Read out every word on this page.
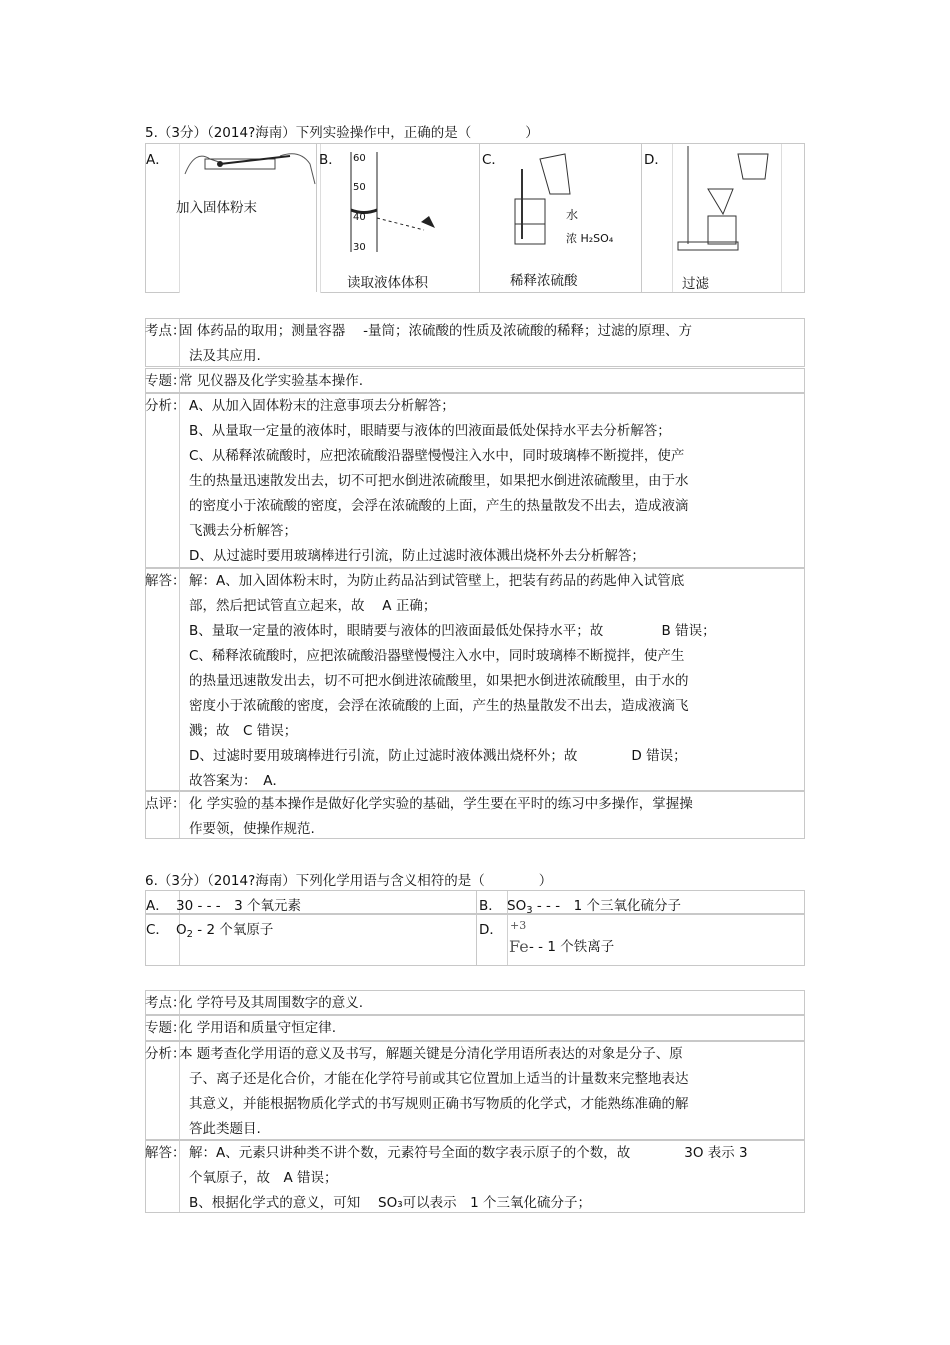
5.（3分）（2014?海南）下列实验操作中，正确的是（　　　　）
A．
加入固体粉末
B． 60
50
40
30
读取液体体积
C．
水
浓 H₂SO₄
稀释浓硫酸
D．
过滤
考点：
固 体药品的取用；测量容器　 -量筒；浓硫酸的性质及浓硫酸的稀释；过滤的原理、方
法及其应用.
专题：
常 见仪器及化学实验基本操作.
分析： A、从加入固体粉末的注意事项去分析解答；
B、从量取一定量的液体时，眼睛要与液体的凹液面最低处保持水平去分析解答；
C、从稀释浓硫酸时，应把浓硫酸沿器壁慢慢注入水中，同时玻璃棒不断搅拌，使产
生的热量迅速散发出去，切不可把水倒进浓硫酸里，如果把水倒进浓硫酸里，由于水
的密度小于浓硫酸的密度，会浮在浓硫酸的上面，产生的热量散发不出去，造成液滴
飞溅去分析解答；
D、从过滤时要用玻璃棒进行引流，防止过滤时液体溅出烧杯外去分析解答；
解答： 解：A、加入固体粉末时，为防止药品沾到试管壁上，把装有药品的药匙伸入试管底
部，然后把试管直立起来，故　 A 正确；
B、量取一定量的液体时，眼睛要与液体的凹液面最低处保持水平；故　　　　 B 错误；
C、稀释浓硫酸时，应把浓硫酸沿器壁慢慢注入水中，同时玻璃棒不断搅拌，使产生
的热量迅速散发出去，切不可把水倒进浓硫酸里，如果把水倒进浓硫酸里，由于水的
密度小于浓硫酸的密度，会浮在浓硫酸的上面，产生的热量散发不出去，造成液滴飞
溅；故　C 错误；
D、过滤时要用玻璃棒进行引流，防止过滤时液体溅出烧杯外；故　　　　D 错误；
故答案为：　A．
点评： 化 学实验的基本操作是做好化学实验的基础，学生要在平时的练习中多操作，掌握操
作要领，使操作规范.
6.（3分）（2014?海南）下列化学用语与含义相符的是（　　　　）
A． 30 - - -　3 个氧元素	B． $SO_3$ - - -　1 个三氧化硫分子
C． $O_2 - 2$ 个氧原子	D． +3
Fe - - 1 个铁离子
考点：
化 学符号及其周围数字的意义.
专题：
化 学用语和质量守恒定律.
分析：
本 题考查化学用语的意义及书写，解题关键是分清化学用语所表达的对象是分子、原
子、离子还是化合价，才能在化学符号前或其它位置加上适当的计量数来完整地表达
其意义，并能根据物质化学式的书写规则正确书写物质的化学式，才能熟练准确的解
答此类题目.
解答： 解：A、元素只讲种类不讲个数，元素符号全面的数字表示原子的个数，故　　　　3O 表示 3
个氧原子，故　A 错误；
B、根据化学式的意义，可知　 SO₃可以表示　1 个三氧化硫分子；
